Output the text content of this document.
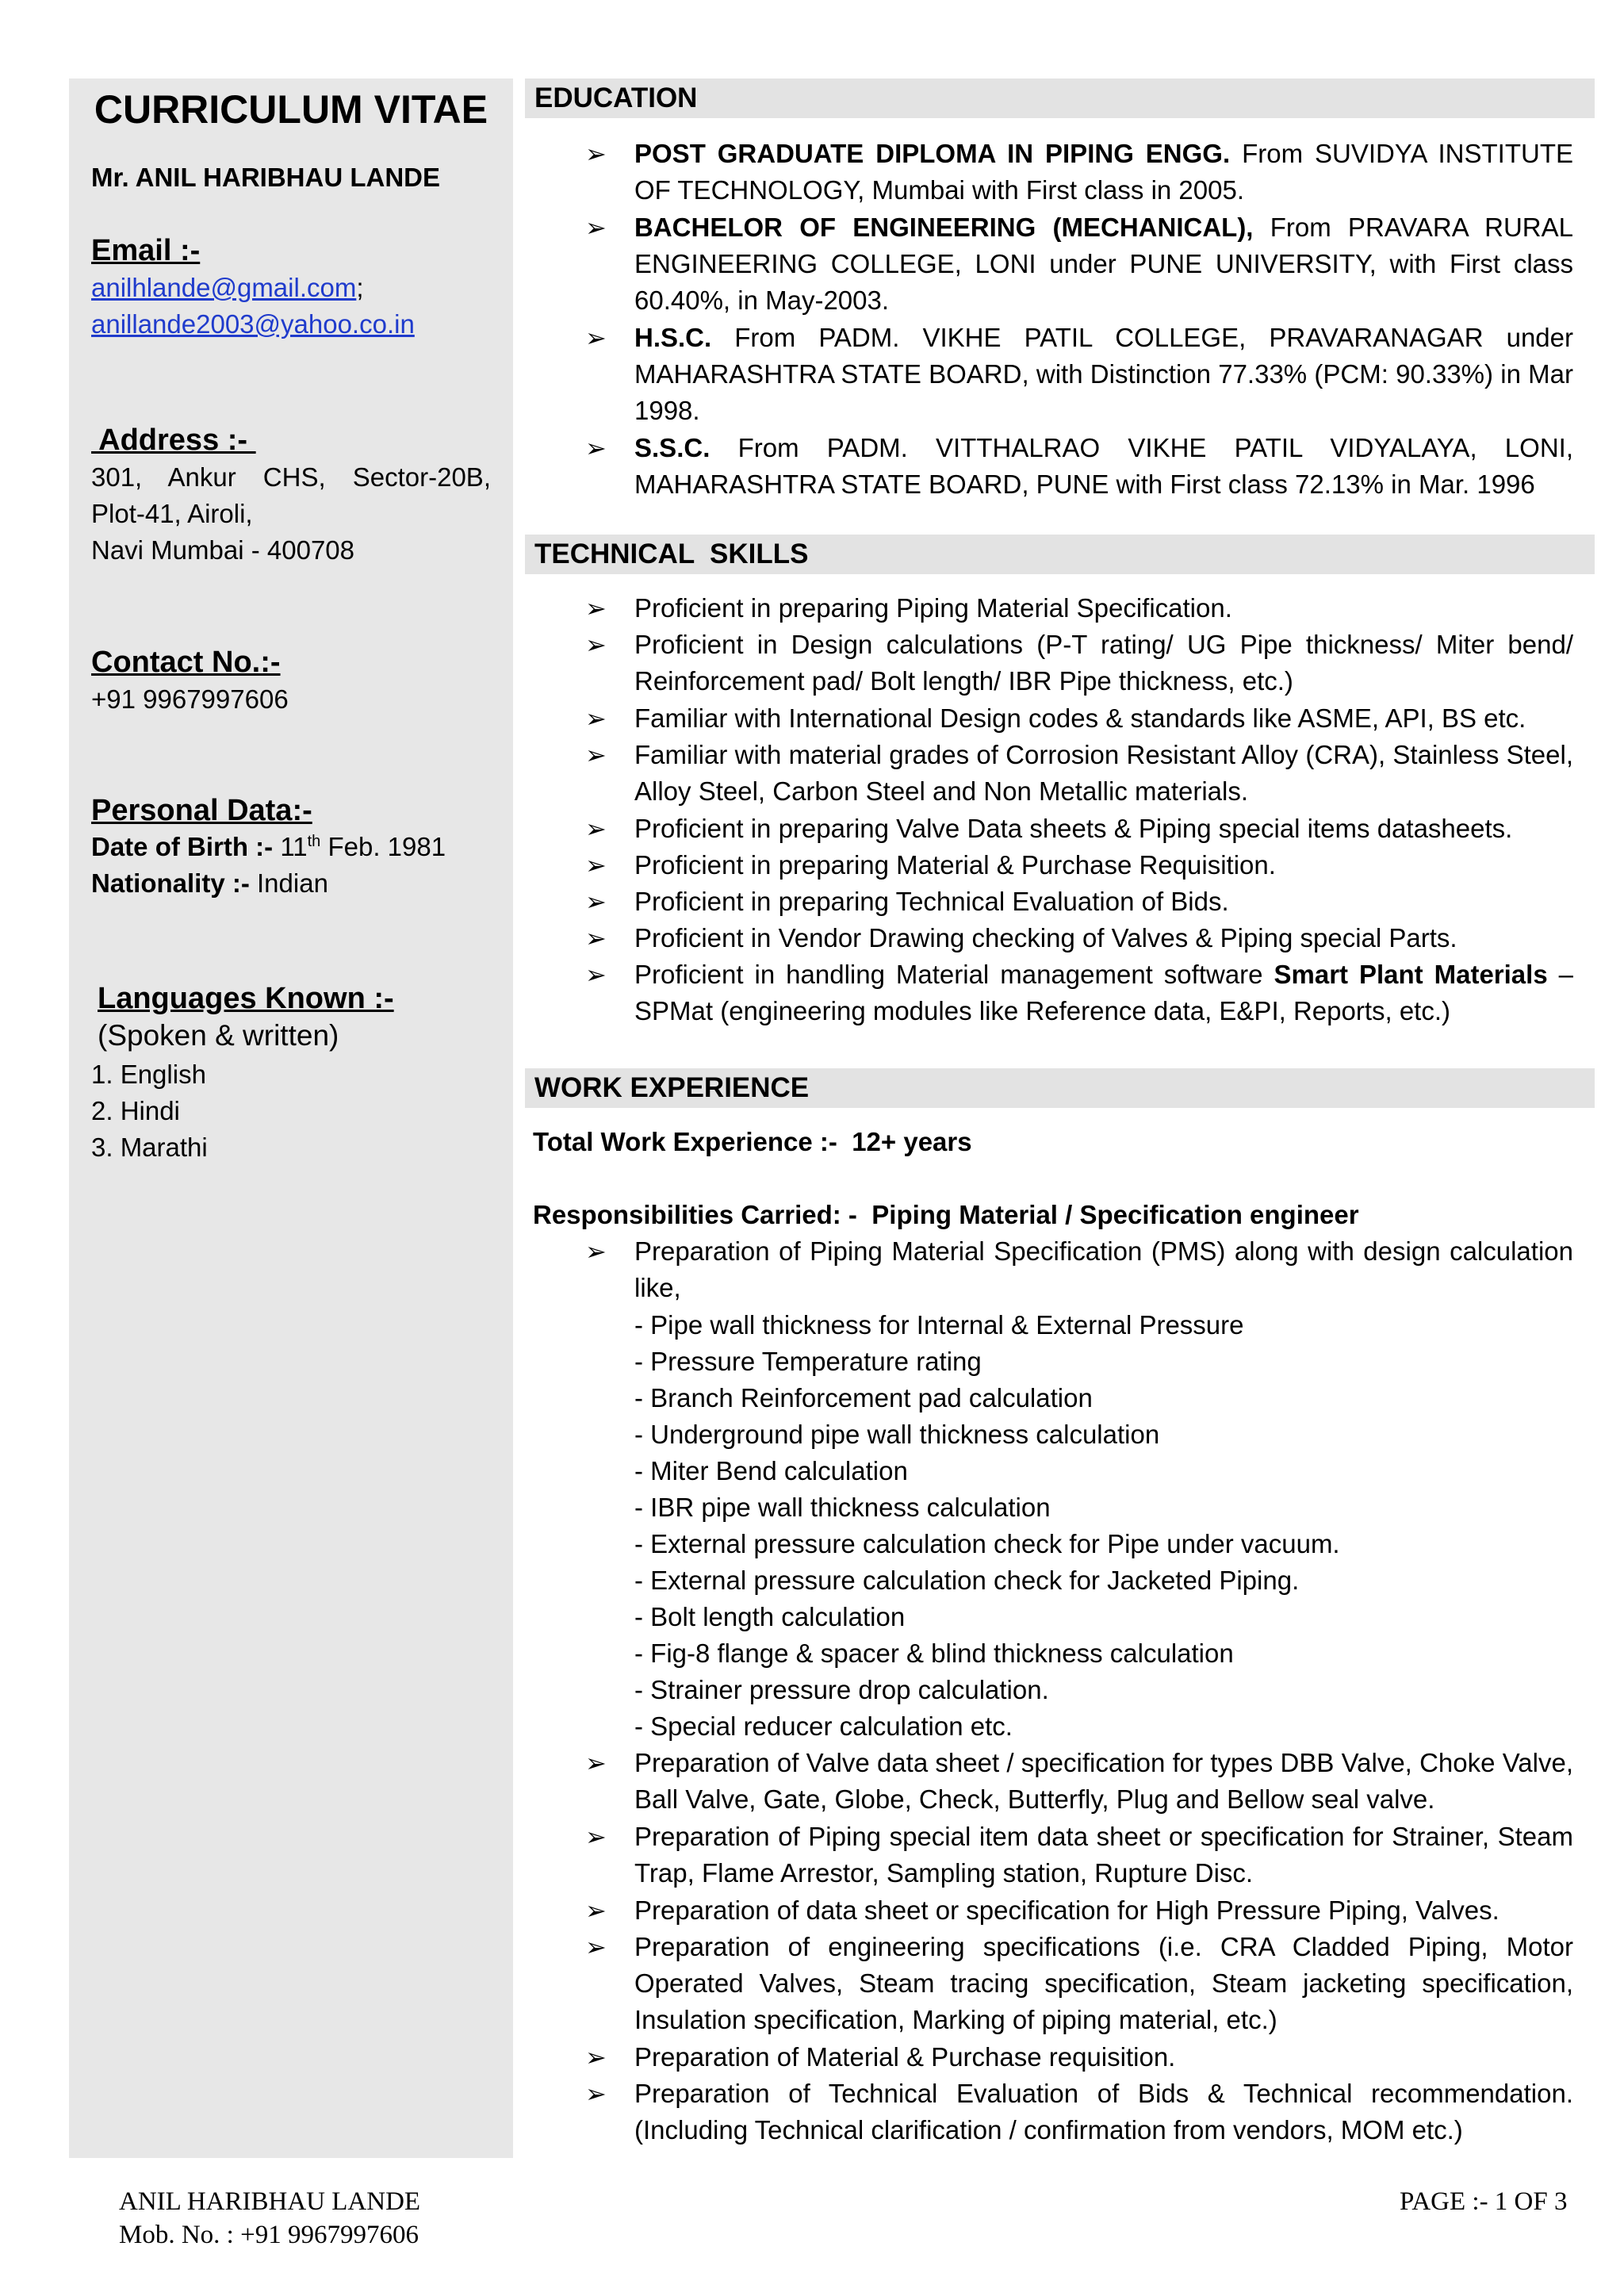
CURRICULUM VITAE
Mr. ANIL HARIBHAU LANDE
Email :-
anilhlande@gmail.com;
anillande2003@yahoo.co.in
Address :-
301, Ankur CHS, Sector-20B,
Plot-41, Airoli,
Navi Mumbai - 400708
Contact No.:-
+91 9967997606
Personal Data:-
Date of Birth :- 11th Feb. 1981
Nationality :- Indian
Languages Known :-
(Spoken & written)
1. English
2. Hindi
3. Marathi
EDUCATION
➢ POST GRADUATE DIPLOMA IN PIPING ENGG. From SUVIDYA INSTITUTE OF TECHNOLOGY, Mumbai with First class in 2005.
➢ BACHELOR OF ENGINEERING (MECHANICAL), From PRAVARA RURAL ENGINEERING COLLEGE, LONI under PUNE UNIVERSITY, with First class 60.40%, in May-2003.
➢ H.S.C. From PADM. VIKHE PATIL COLLEGE, PRAVARANAGAR under MAHARASHTRA STATE BOARD, with Distinction 77.33% (PCM: 90.33%) in Mar 1998.
➢ S.S.C. From PADM. VITTHALRAO VIKHE PATIL VIDYALAYA, LONI, MAHARASHTRA STATE BOARD, PUNE with First class 72.13% in Mar. 1996
TECHNICAL  SKILLS
➢ Proficient in preparing Piping Material Specification.
➢ Proficient in Design calculations (P-T rating/ UG Pipe thickness/ Miter bend/ Reinforcement pad/ Bolt length/ IBR Pipe thickness, etc.)
➢ Familiar with International Design codes & standards like ASME, API, BS etc.
➢ Familiar with material grades of Corrosion Resistant Alloy (CRA), Stainless Steel, Alloy Steel, Carbon Steel and Non Metallic materials.
➢ Proficient in preparing Valve Data sheets & Piping special items datasheets.
➢ Proficient in preparing Material & Purchase Requisition.
➢ Proficient in preparing Technical Evaluation of Bids.
➢ Proficient in Vendor Drawing checking of Valves & Piping special Parts.
➢ Proficient in handling Material management software Smart Plant Materials – SPMat (engineering modules like Reference data, E&PI, Reports, etc.)
WORK EXPERIENCE
Total Work Experience :-  12+ years
Responsibilities Carried: -  Piping Material / Specification engineer
➢ Preparation of Piping Material Specification (PMS) along with design calculation like,
- Pipe wall thickness for Internal & External Pressure
- Pressure Temperature rating
- Branch Reinforcement pad calculation
- Underground pipe wall thickness calculation
- Miter Bend calculation
- IBR pipe wall thickness calculation
- External pressure calculation check for Pipe under vacuum.
- External pressure calculation check for Jacketed Piping.
- Bolt length calculation
- Fig-8 flange & spacer & blind thickness calculation
- Strainer pressure drop calculation.
- Special reducer calculation etc.
➢ Preparation of Valve data sheet / specification for types DBB Valve, Choke Valve, Ball Valve, Gate, Globe, Check, Butterfly, Plug and Bellow seal valve.
➢ Preparation of Piping special item data sheet or specification for Strainer, Steam Trap, Flame Arrestor, Sampling station, Rupture Disc.
➢ Preparation of data sheet or specification for High Pressure Piping, Valves.
➢ Preparation of engineering specifications (i.e. CRA Cladded Piping, Motor Operated Valves, Steam tracing specification, Steam jacketing specification, Insulation specification, Marking of piping material, etc.)
➢ Preparation of Material & Purchase requisition.
➢ Preparation of Technical Evaluation of Bids & Technical recommendation. (Including Technical clarification / confirmation from vendors, MOM etc.)
ANIL HARIBHAU LANDE
Mob. No. : +91 9967997606
PAGE :- 1 OF 3
